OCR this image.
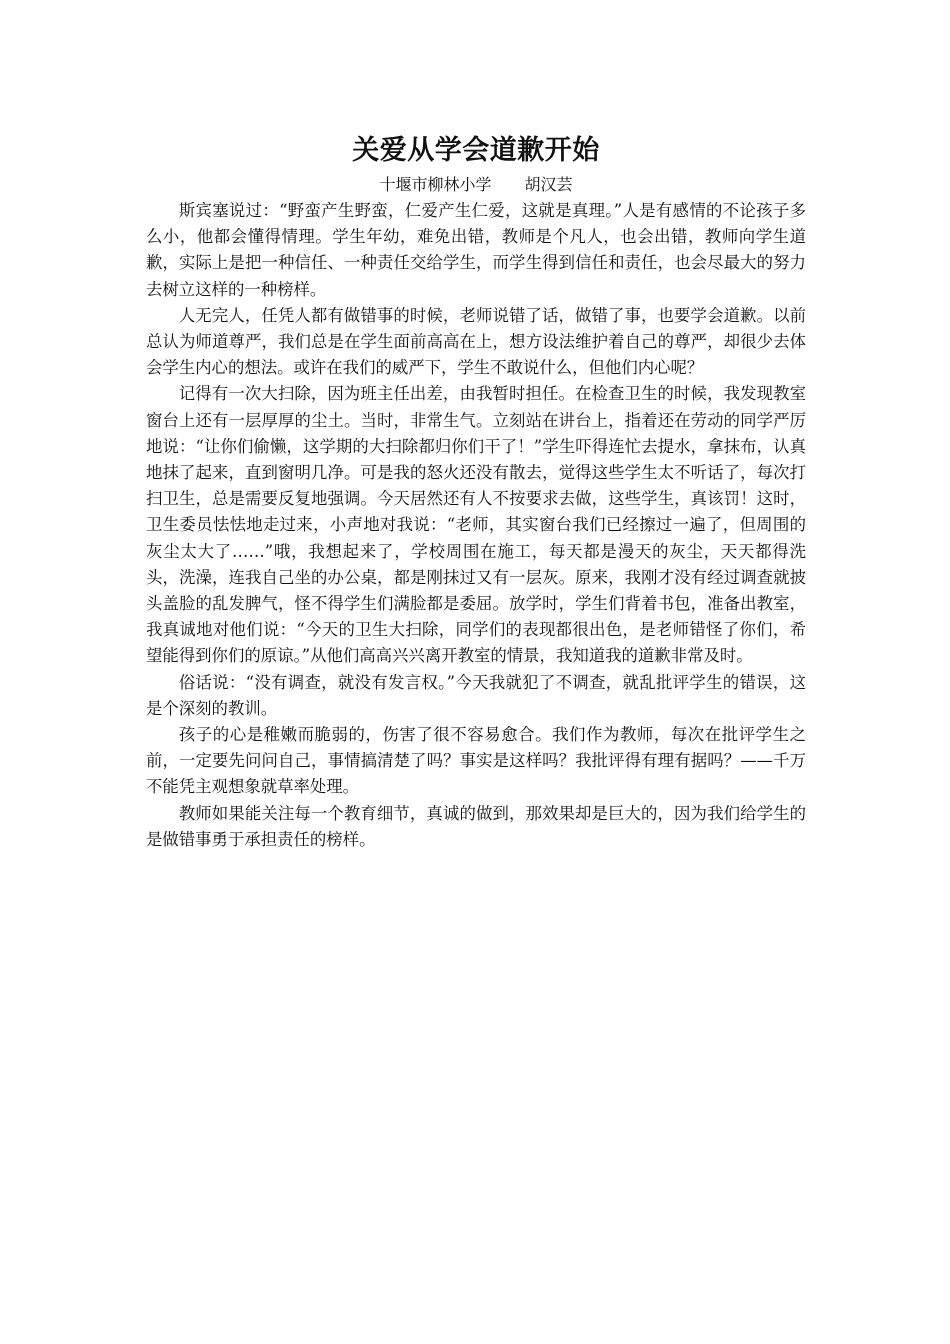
关爱从学会道歉开始

十堰市柳林小学 胡汉芸

斯宾塞说过：“野蛮产生野蛮，仁爱产生仁爱，这就是真理。”人是有感情的不论孩子多么小，他都会懂得情理。学生年幼，难免出错，教师是个凡人，也会出错，教师向学生道歉，实际上是把一种信任、一种责任交给学生，而学生得到信任和责任，也会尽最大的努力去树立这样的一种榜样。

人无完人，任凭人都有做错事的时候，老师说错了话，做错了事，也要学会道歉。以前总认为师道尊严，我们总是在学生面前高高在上，想方设法维护着自己的尊严，却很少去体会学生内心的想法。或许在我们的威严下，学生不敢说什么，但他们内心呢？

记得有一次大扫除，因为班主任出差，由我暂时担任。在检查卫生的时候，我发现教室窗台上还有一层厚厚的尘土。当时，非常生气。立刻站在讲台上，指着还在劳动的同学严厉地说：“让你们偷懒，这学期的大扫除都归你们干了！”学生吓得连忙去提水，拿抹布，认真地抹了起来，直到窗明几净。可是我的怒火还没有散去，觉得这些学生太不听话了，每次打扫卫生，总是需要反复地强调。今天居然还有人不按要求去做，这些学生，真该罚！这时，卫生委员怯怯地走过来，小声地对我说：“老师，其实窗台我们已经擦过一遍了，但周围的灰尘太大了……”哦，我想起来了，学校周围在施工，每天都是漫天的灰尘，天天都得洗头，洗澡，连我自己坐的办公桌，都是刚抹过又有一层灰。原来，我刚才没有经过调查就披头盖脸的乱发脾气，怪不得学生们满脸都是委屈。放学时，学生们背着书包，准备出教室，我真诚地对他们说：“今天的卫生大扫除，同学们的表现都很出色，是老师错怪了你们，希望能得到你们的原谅。”从他们高高兴兴离开教室的情景，我知道我的道歉非常及时。

俗话说：“没有调查，就没有发言权。”今天我就犯了不调查，就乱批评学生的错误，这是个深刻的教训。

孩子的心是稚嫩而脆弱的，伤害了很不容易愈合。我们作为教师，每次在批评学生之前，一定要先问问自己，事情搞清楚了吗？事实是这样吗？我批评得有理有据吗？——千万不能凭主观想象就草率处理。

教师如果能关注每一个教育细节，真诚的做到，那效果却是巨大的，因为我们给学生的是做错事勇于承担责任的榜样。
